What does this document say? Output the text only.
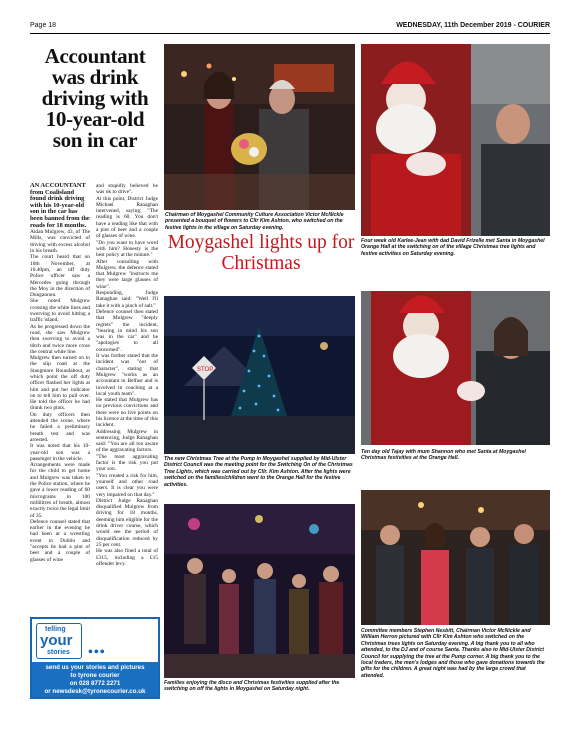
Page 18	WEDNESDAY, 11th December 2019 - COURIER
Accountant was drink driving with 10-year-old son in car

AN ACCOUNTANT from Coalisland found drink driving with his 10-year-old son in the car has been banned from the roads for 18 months.

Aidan Mulgrew, 43, of The Mills, was convicted of driving with excess alcohol in his breath.

The court heard that on 10th November, at 10.40pm, an off duty Police officer saw a Mercedes going through the Moy in the direction of Dungannon.

She noted Mulgrew crossing the white lines and swerving to avoid hitting a traffic island.

As he progressed down the road, she saw Mulgrew then swerving to avoid a ditch and twice more cross the central white line.

Mulgrew then turned on to the slip road at the Stangmore Roundabout, at which point the off duty officer flashed her lights at him and put her indicator on to tell him to pull over. He told the officer he had drunk two pints.

On duty officers then attended the scene, where he failed a preliminary breath test and was arrested.

It was noted that his 10-year-old son was a passenger in the vehicle.

Arrangements were made for the child to get home and Mulgrew was taken to the Police station, where he gave a lower reading of 60 micrograms in 100 millilitres of breath, almost exactly twice the legal limit of 35.

Defence counsel stated that earlier in the evening he had been at a wrestling event in Dublin and "accepts he had a pint of beer and a couple of glasses of wine

and stupidly believed he was ok to drive".

At this point, District Judge Michael Ranaghan intervened, saying: "The reading is 60. You don't have a reading like that with a pint of beer and a couple of glasses of wine.

"Do you want to have word with him? Honesty is the best policy at the minute."

After consulting with Mulgrew, the defence stated that Mulgrew "instructs me they were large glasses of wine".

Responding, Judge Ranaghan said: "Well I'll take it with a pinch of salt."

Defence counsel then stated that Mulgrew "deeply regrets" the incident, "bearing in mind his son was in the car" and he "apologies to all concerned".

It was further stated that the incident was "out of character", stating that Mulgrew "works as an accountant in Belfast and is involved in coaching at a local youth team".

He stated that Mulgrew has no previous convictions and there were no live points on his licence at the time of this incident.

Addressing Mulgrew in sentencing, Judge Ranaghan said: "You are all too aware of the aggravating factors.

"The most aggravating factor is the risk you put your son.

"You created a risk for him, yourself and other road users. It is clear you were very impaired on that day."

District Judge Ranaghan disqualified Mulgrew from driving for 18 months, deeming him eligible for the drink driver course, which would see the period of disqualification reduced by 25 per cent.

He was also fined a total of £315, including a £15 offender levy.

telling
your
stories •••
send us your stories and pictures
to tyrone courier
on 028 8772 2271
or newsdesk@tyronecourier.co.uk
Chairman of Moygashel Community Culture Association Victor McNickle presented a bouquet of flowers to Cllr Kim Ashton, who switched on the festive lights in the village on Saturday evening.
Moygashel lights up for Christmas
Four week old Karlee-Jean with dad David Frizelle met Santa in Moygashel Orange Hall at the switching on of the village Christmas tree lights and festive activities on Saturday evening.
STOP
The new Christmas Tree at the Pump in Moygashel supplied by Mid-Ulster District Council was the meeting point for the Switching On of the Christmas Tree Lights, which was carried out by Cllr. Kim Ashton. After the lights were switched on the families/children went to the Orange Hall for the festive activities.
Ten day old Tajay with mum Shannon who met Santa at Moygashel Christmas festivities at the Orange Hall.
Families enjoying the disco and Christmas festivities supplied after the switching on off the lights in Moygashel on Saturday night.
Committee members Stephen Nesbitt, Chairman Victor McNickle and William Herron pictured with Cllr Kim Ashton who switched on the Christmas trees lights on Saturday evening. A big thank you to all who attended, to the DJ and of course Santa. Thanks also to Mid-Ulster District Council for supplying the tree at the Pump corner. A big thank you to the local traders, the men's lodges and those who gave donations towards the gifts for the children. A great night was had by the large crowd that attended.
